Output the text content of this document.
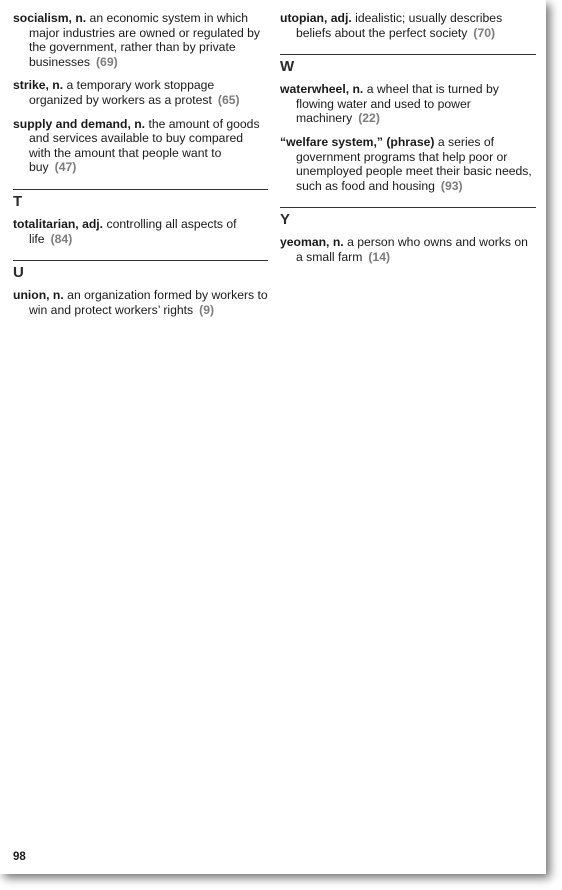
socialism, n. an economic system in which major industries are owned or regulated by the government, rather than by private businesses (69)
strike, n. a temporary work stoppage organized by workers as a protest (65)
supply and demand, n. the amount of goods and services available to buy compared with the amount that people want to buy (47)
T
totalitarian, adj. controlling all aspects of life (84)
U
union, n. an organization formed by workers to win and protect workers’ rights (9)
utopian, adj. idealistic; usually describes beliefs about the perfect society (70)
W
waterwheel, n. a wheel that is turned by flowing water and used to power machinery (22)
“welfare system,” (phrase) a series of government programs that help poor or unemployed people meet their basic needs, such as food and housing (93)
Y
yeoman, n. a person who owns and works on a small farm (14)
98
